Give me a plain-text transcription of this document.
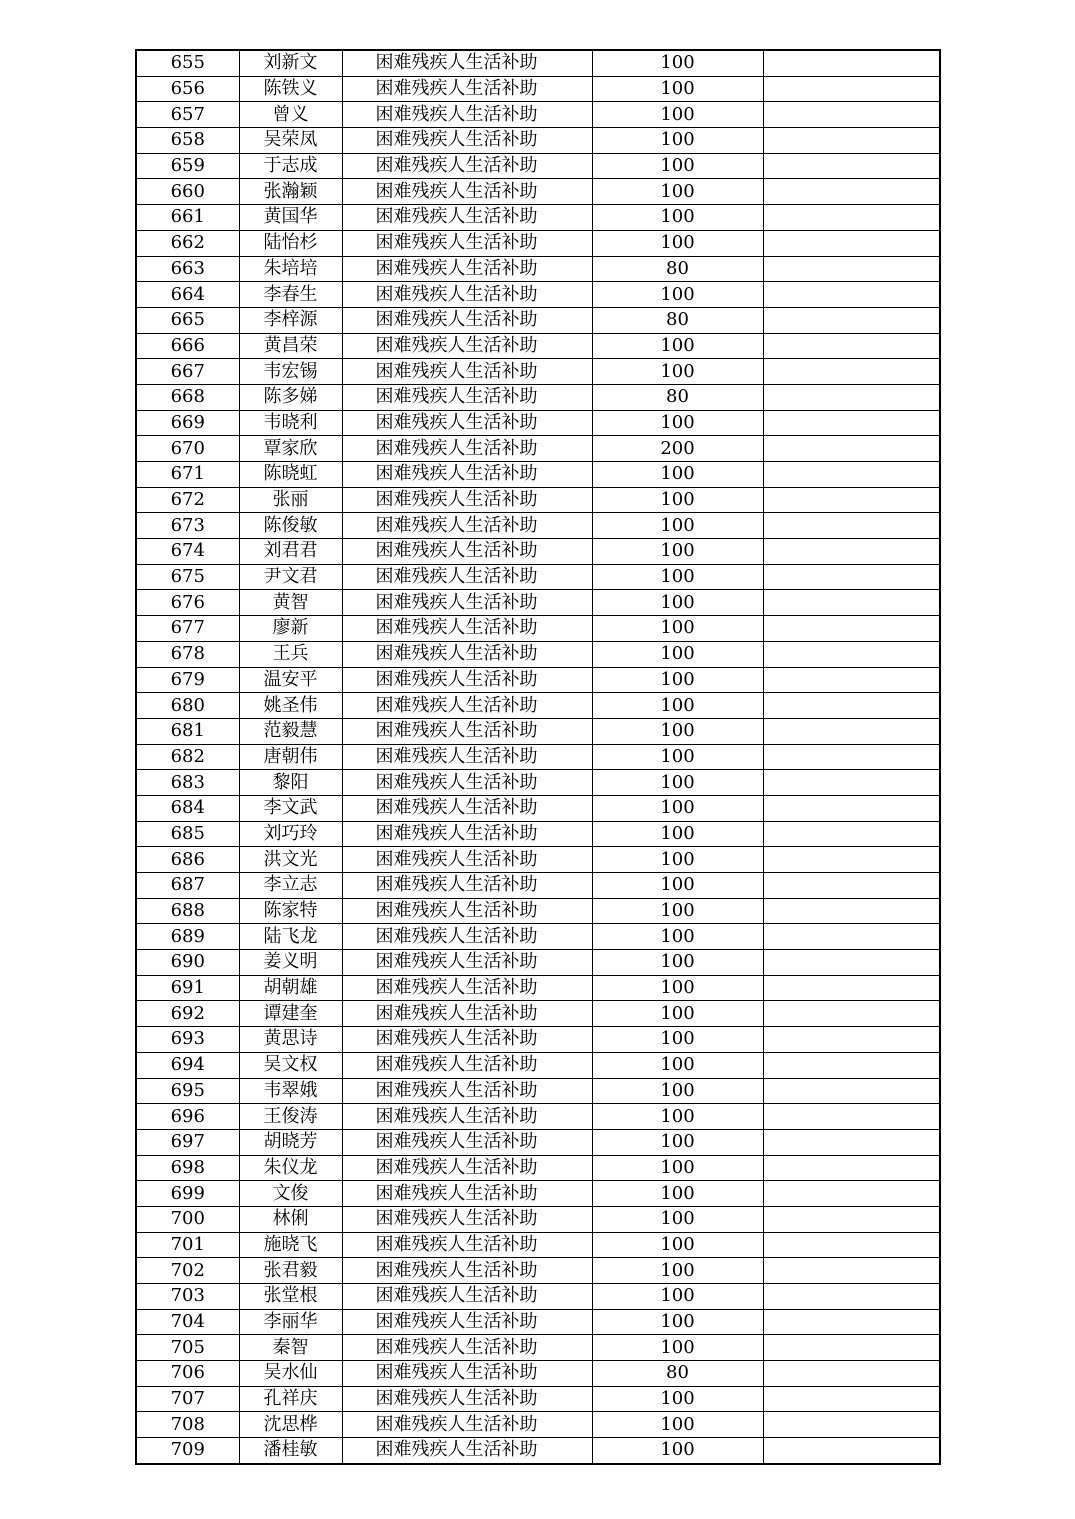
655	刘新文	困难残疾人生活补助	100	
656	陈铁义	困难残疾人生活补助	100	
657	曾义	困难残疾人生活补助	100	
658	吴荣凤	困难残疾人生活补助	100	
659	于志成	困难残疾人生活补助	100	
660	张瀚颖	困难残疾人生活补助	100	
661	黄国华	困难残疾人生活补助	100	
662	陆怡杉	困难残疾人生活补助	100	
663	朱培培	困难残疾人生活补助	80	
664	李春生	困难残疾人生活补助	100	
665	李梓源	困难残疾人生活补助	80	
666	黄昌荣	困难残疾人生活补助	100	
667	韦宏锡	困难残疾人生活补助	100	
668	陈多娣	困难残疾人生活补助	80	
669	韦晓利	困难残疾人生活补助	100	
670	覃家欣	困难残疾人生活补助	200	
671	陈晓虹	困难残疾人生活补助	100	
672	张丽	困难残疾人生活补助	100	
673	陈俊敏	困难残疾人生活补助	100	
674	刘君君	困难残疾人生活补助	100	
675	尹文君	困难残疾人生活补助	100	
676	黄智	困难残疾人生活补助	100	
677	廖新	困难残疾人生活补助	100	
678	王兵	困难残疾人生活补助	100	
679	温安平	困难残疾人生活补助	100	
680	姚圣伟	困难残疾人生活补助	100	
681	范毅慧	困难残疾人生活补助	100	
682	唐朝伟	困难残疾人生活补助	100	
683	黎阳	困难残疾人生活补助	100	
684	李文武	困难残疾人生活补助	100	
685	刘巧玲	困难残疾人生活补助	100	
686	洪文光	困难残疾人生活补助	100	
687	李立志	困难残疾人生活补助	100	
688	陈家特	困难残疾人生活补助	100	
689	陆飞龙	困难残疾人生活补助	100	
690	姜义明	困难残疾人生活补助	100	
691	胡朝雄	困难残疾人生活补助	100	
692	谭建奎	困难残疾人生活补助	100	
693	黄思诗	困难残疾人生活补助	100	
694	吴文权	困难残疾人生活补助	100	
695	韦翠娥	困难残疾人生活补助	100	
696	王俊涛	困难残疾人生活补助	100	
697	胡晓芳	困难残疾人生活补助	100	
698	朱仪龙	困难残疾人生活补助	100	
699	文俊	困难残疾人生活补助	100	
700	林俐	困难残疾人生活补助	100	
701	施晓飞	困难残疾人生活补助	100	
702	张君毅	困难残疾人生活补助	100	
703	张堂根	困难残疾人生活补助	100	
704	李丽华	困难残疾人生活补助	100	
705	秦智	困难残疾人生活补助	100	
706	吴水仙	困难残疾人生活补助	80	
707	孔祥庆	困难残疾人生活补助	100	
708	沈思桦	困难残疾人生活补助	100	
709	潘桂敏	困难残疾人生活补助	100	
